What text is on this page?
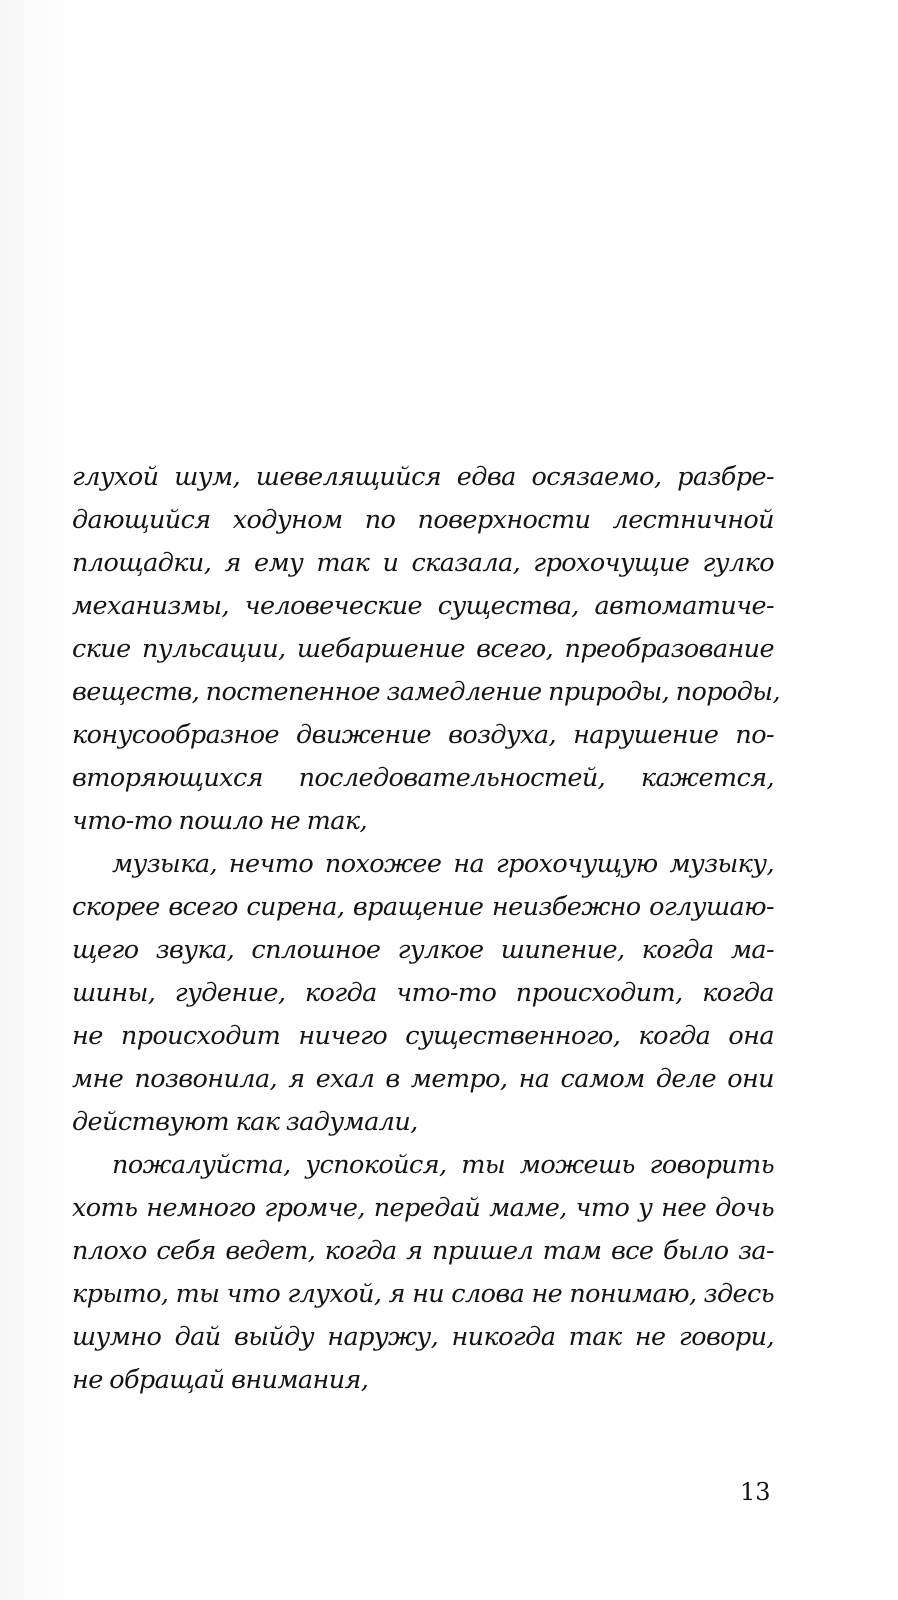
глухой шум, шевелящийся едва осязаемо, разбре-
дающийся ходуном по поверхности лестничной
площадки, я ему так и сказала, грохочущие гулко
механизмы, человеческие существа, автоматиче-
ские пульсации, шебаршение всего, преобразование
веществ, постепенное замедление природы, породы,
конусообразное движение воздуха, нарушение по-
вторяющихся последовательностей, кажется,
что-то пошло не так,
музыка, нечто похожее на грохочущую музыку,
скорее всего сирена, вращение неизбежно оглушаю-
щего звука, сплошное гулкое шипение, когда ма-
шины, гудение, когда что-то происходит, когда
не происходит ничего существенного, когда она
мне позвонила, я ехал в метро, на самом деле они
действуют как задумали,
пожалуйста, успокойся, ты можешь говорить
хоть немного громче, передай маме, что у нее дочь
плохо себя ведет, когда я пришел там все было за-
крыто, ты что глухой, я ни слова не понимаю, здесь
шумно дай выйду наружу, никогда так не говори,
не обращай внимания,
13
